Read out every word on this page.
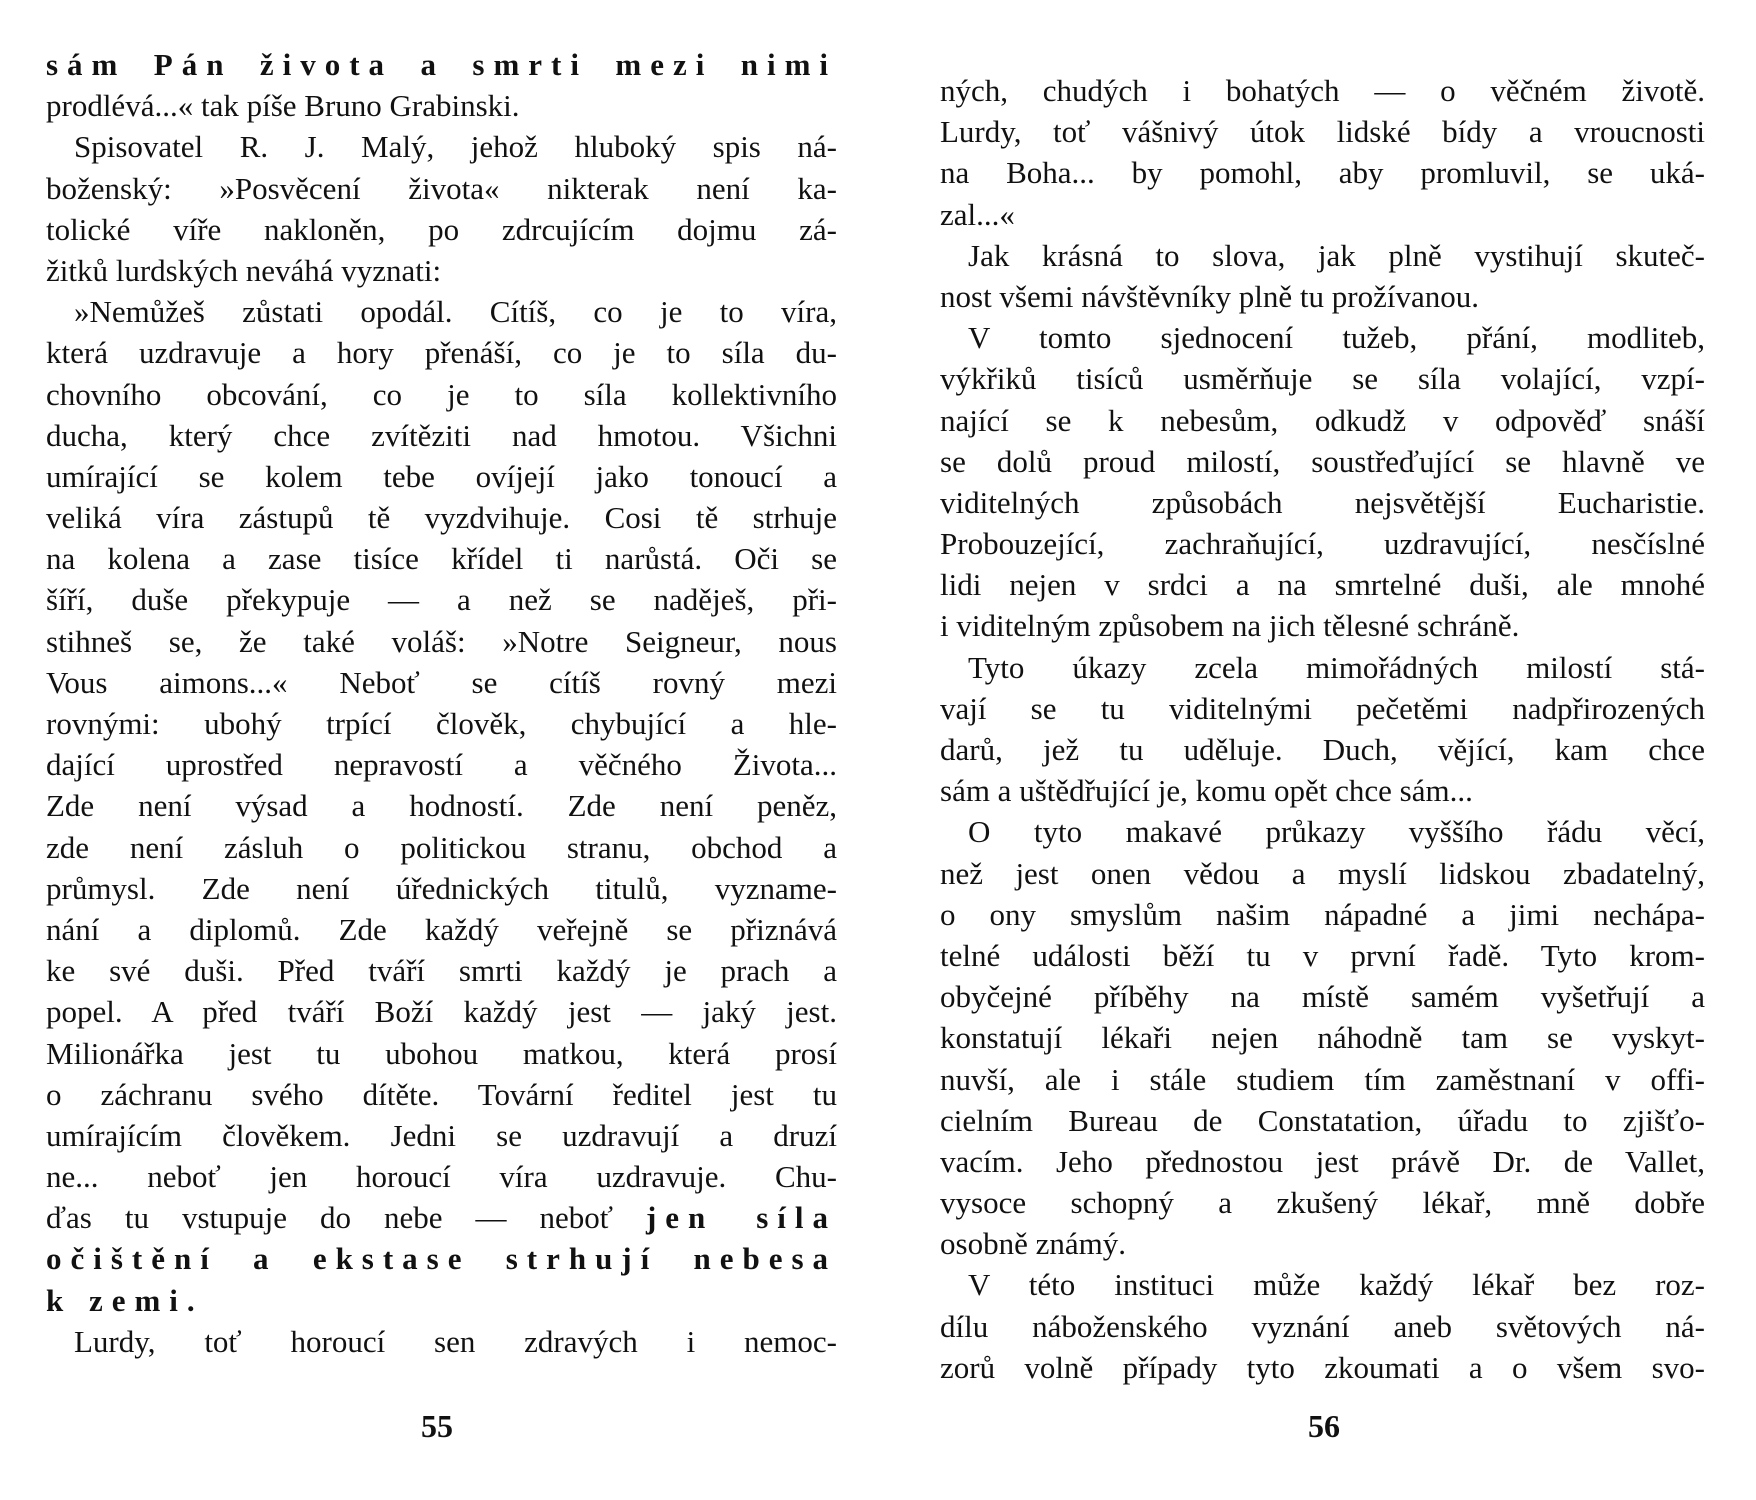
sám Pán života a smrti mezi nimi
prodlévá...« tak píše Bruno Grabinski.
Spisovatel R. J. Malý, jehož hluboký spis ná-
boženský: »Posvěcení života« nikterak není ka-
tolické víře nakloněn, po zdrcujícím dojmu zá-
žitků lurdských neváhá vyznati:
»Nemůžeš zůstati opodál. Cítíš, co je to víra,
která uzdravuje a hory přenáší, co je to síla du-
chovního obcování, co je to síla kollektivního
ducha, který chce zvítěziti nad hmotou. Všichni
umírající se kolem tebe ovíjejí jako tonoucí a
veliká víra zástupů tě vyzdvihuje. Cosi tě strhuje
na kolena a zase tisíce křídel ti narůstá. Oči se
šíří, duše překypuje — a než se naděješ, při-
stihneš se, že také voláš: »Notre Seigneur, nous
Vous aimons...« Neboť se cítíš rovný mezi
rovnými: ubohý trpící člověk, chybující a hle-
dající uprostřed nepravostí a věčného Života...
Zde není výsad a hodností. Zde není peněz,
zde není zásluh o politickou stranu, obchod a
průmysl. Zde není úřednických titulů, vyzname-
nání a diplomů. Zde každý veřejně se přiznává
ke své duši. Před tváří smrti každý je prach a
popel. A před tváří Boží každý jest — jaký jest.
Milionářka jest tu ubohou matkou, která prosí
o záchranu svého dítěte. Tovární ředitel jest tu
umírajícím člověkem. Jedni se uzdravují a druzí
ne... neboť jen horoucí víra uzdravuje. Chu-
ďas tu vstupuje do nebe — neboť jen síla
očištění a ekstase strhují nebesa
k zemi.
Lurdy, toť horoucí sen zdravých i nemoc-
55
ných, chudých i bohatých — o věčném životě.
Lurdy, toť vášnivý útok lidské bídy a vroucnosti
na Boha... by pomohl, aby promluvil, se uká-
zal...«
Jak krásná to slova, jak plně vystihují skuteč-
nost všemi návštěvníky plně tu prožívanou.
V tomto sjednocení tužeb, přání, modliteb,
výkřiků tisíců usměrňuje se síla volající, vzpí-
nající se k nebesům, odkudž v odpověď snáší
se dolů proud milostí, soustřeďující se hlavně ve
viditelných způsobách nejsvětější Eucharistie.
Probouzející, zachraňující, uzdravující, nesčíslné
lidi nejen v srdci a na smrtelné duši, ale mnohé
i viditelným způsobem na jich tělesné schráně.
Tyto úkazy zcela mimořádných milostí stá-
vají se tu viditelnými pečetěmi nadpřirozených
darů, jež tu uděluje. Duch, vějící, kam chce
sám a uštědřující je, komu opět chce sám...
O tyto makavé průkazy vyššího řádu věcí,
než jest onen vědou a myslí lidskou zbadatelný,
o ony smyslům našim nápadné a jimi nechápa-
telné události běží tu v první řadě. Tyto krom-
obyčejné příběhy na místě samém vyšetřují a
konstatují lékaři nejen náhodně tam se vyskyt-
nuvší, ale i stále studiem tím zaměstnaní v offi-
cielním Bureau de Constatation, úřadu to zjišťo-
vacím. Jeho přednostou jest právě Dr. de Vallet,
vysoce schopný a zkušený lékař, mně dobře
osobně známý.
V této instituci může každý lékař bez roz-
dílu náboženského vyznání aneb světových ná-
zorů volně případy tyto zkoumati a o všem svo-
56
